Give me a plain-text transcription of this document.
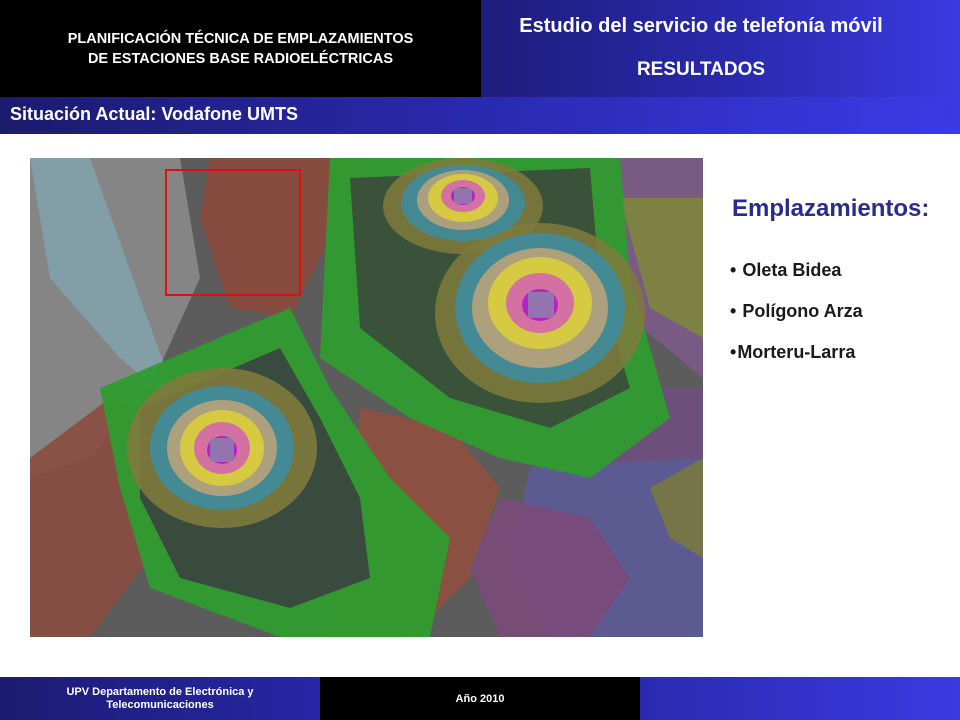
PLANIFICACIÓN TÉCNICA DE EMPLAZAMIENTOS
DE ESTACIONES BASE RADIOELÉCTRICAS
Estudio del servicio de telefonía móvil
RESULTADOS
Situación Actual: Vodafone UMTS
Emplazamientos:
• Oleta Bidea
• Polígono Arza
•Morteru-Larra
UPV Departamento de Electrónica y
Telecomunicaciones	Año 2010
